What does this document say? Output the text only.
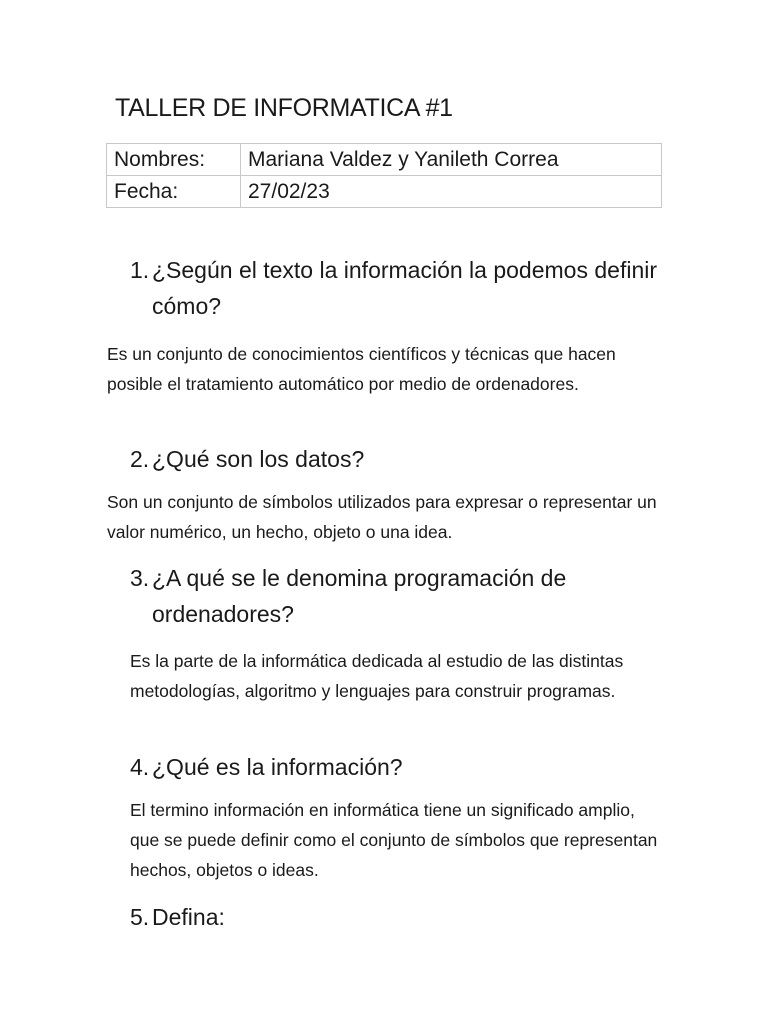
TALLER DE INFORMATICA #1
Nombres:	Mariana Valdez y Yanileth Correa
Fecha:	27/02/23
1. ¿Según el texto la información la podemos definir cómo?
Es un conjunto de conocimientos científicos y técnicas que hacen posible el tratamiento automático por medio de ordenadores.
2. ¿Qué son los datos?
Son un conjunto de símbolos utilizados para expresar o representar un valor numérico, un hecho, objeto o una idea.
3. ¿A qué se le denomina programación de ordenadores?
Es la parte de la informática dedicada al estudio de las distintas metodologías, algoritmo y lenguajes para construir programas.
4. ¿Qué es la información?
El termino información en informática tiene un significado amplio, que se puede definir como el conjunto de símbolos que representan hechos, objetos o ideas.
5. Defina:
